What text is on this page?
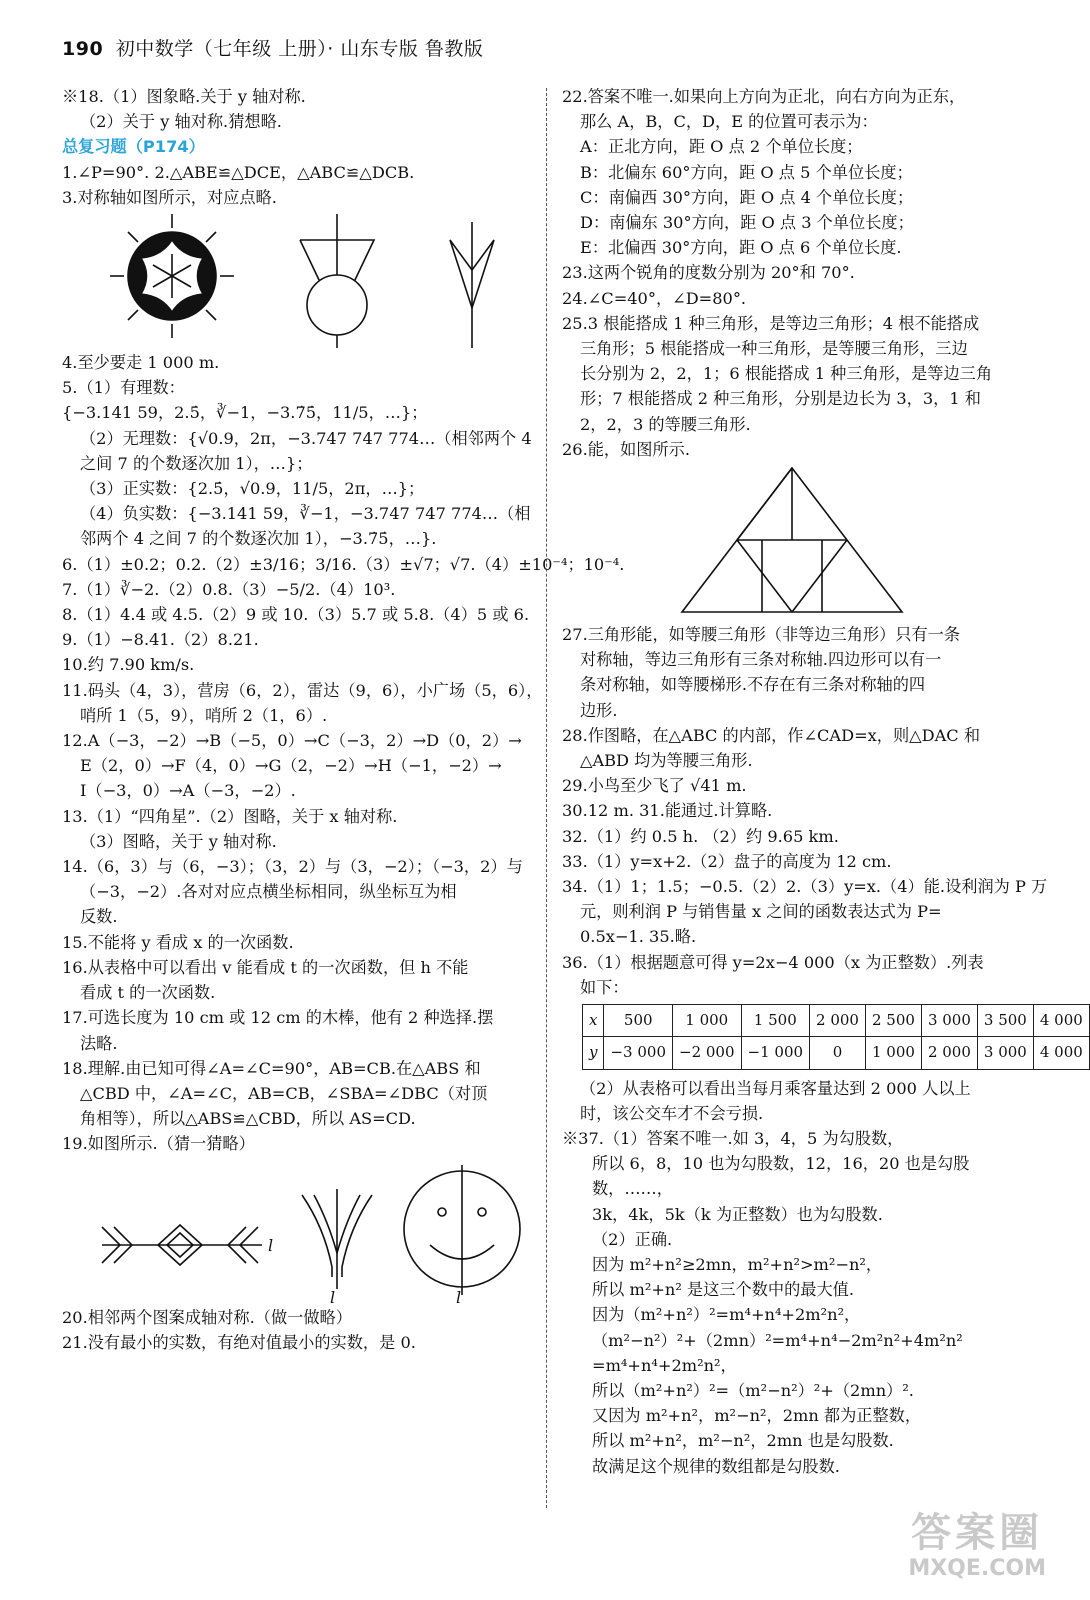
190 初中数学（七年级 上册）· 山东专版 鲁教版

※18.（1）图象略.关于 y 轴对称.

（2）关于 y 轴对称.猜想略.

总复习题（P174）

1.∠P=90°. 2.△ABE≌△DCE，△ABC≌△DCB.

3.对称轴如图所示，对应点略.

4.至少要走 1 000 m.

5.（1）有理数：

{−3.141 59，2.5̇，∛−1，−3.7̇5̇，11/5，…}；

（2）无理数：{√0.9，2π，−3.747 747 774…（相邻两个 4

之间 7 的个数逐次加 1），…}；

（3）正实数：{2.5̇，√0.9，11/5，2π，…}；

（4）负实数：{−3.141 59，∛−1，−3.747 747 774…（相

邻两个 4 之间 7 的个数逐次加 1），−3.7̇5̇，…}.

6.（1）±0.2；0.2.（2）±3/16；3/16.（3）±√7；√7.（4）±10⁻⁴；10⁻⁴.

7.（1）∛−2.（2）0.8.（3）−5/2.（4）10³.

8.（1）4.4 或 4.5.（2）9 或 10.（3）5.7 或 5.8.（4）5 或 6.

9.（1）−8.41.（2）8.21.

10.约 7.90 km/s.

11.码头（4，3），营房（6，2），雷达（9，6），小广场（5，6），

哨所 1（5，9），哨所 2（1，6）.

12.A（−3，−2）→B（−5，0）→C（−3，2）→D（0，2）→

E（2，0）→F（4，0）→G（2，−2）→H（−1，−2）→

I（−3，0）→A（−3，−2）.

13.（1）“四角星”.（2）图略，关于 x 轴对称.

（3）图略，关于 y 轴对称.

14.（6，3）与（6，−3）；（3，2）与（3，−2）；（−3，2）与

（−3，−2）.各对对应点横坐标相同，纵坐标互为相

反数.

15.不能将 y 看成 x 的一次函数.

16.从表格中可以看出 v 能看成 t 的一次函数，但 h 不能

看成 t 的一次函数.

17.可选长度为 10 cm 或 12 cm 的木棒，他有 2 种选择.摆

法略.

18.理解.由已知可得∠A=∠C=90°，AB=CB.在△ABS 和

△CBD 中，∠A=∠C，AB=CB，∠SBA=∠DBC（对顶

角相等），所以△ABS≌△CBD，所以 AS=CD.

19.如图所示.（猜一猜略）

l
l	l

20.相邻两个图案成轴对称.（做一做略）

21.没有最小的实数，有绝对值最小的实数，是 0.

22.答案不唯一.如果向上方向为正北，向右方向为正东，

那么 A，B，C，D，E 的位置可表示为：

A：正北方向，距 O 点 2 个单位长度；

B：北偏东 60°方向，距 O 点 5 个单位长度；

C：南偏西 30°方向，距 O 点 4 个单位长度；

D：南偏东 30°方向，距 O 点 3 个单位长度；

E：北偏西 30°方向，距 O 点 6 个单位长度.

23.这两个锐角的度数分别为 20°和 70°.

24.∠C=40°，∠D=80°.

25.3 根能搭成 1 种三角形，是等边三角形；4 根不能搭成

三角形；5 根能搭成一种三角形，是等腰三角形，三边

长分别为 2，2，1；6 根能搭成 1 种三角形，是等边三角

形；7 根能搭成 2 种三角形，分别是边长为 3，3，1 和

2，2，3 的等腰三角形.

26.能，如图所示.

27.三角形能，如等腰三角形（非等边三角形）只有一条

对称轴，等边三角形有三条对称轴.四边形可以有一

条对称轴，如等腰梯形.不存在有三条对称轴的四

边形.

28.作图略，在△ABC 的内部，作∠CAD=x，则△DAC 和

△ABD 均为等腰三角形.

29.小鸟至少飞了 √41 m.

30.12 m. 31.能通过.计算略.

32.（1）约 0.5 h. （2）约 9.65 km.

33.（1）y=x+2.（2）盘子的高度为 12 cm.

34.（1）1；1.5；−0.5.（2）2.（3）y=x.（4）能.设利润为 P 万

元，则利润 P 与销售量 x 之间的函数表达式为 P=

0.5x−1. 35.略.

36.（1）根据题意可得 y=2x−4 000（x 为正整数）.列表

如下：

x	500	1 000	1 500	2 000	2 500	3 000	3 500	4 000
y	−3 000	−2 000	−1 000	0	1 000	2 000	3 000	4 000

（2）从表格可以看出当每月乘客量达到 2 000 人以上

时，该公交车才不会亏损.

※37.（1）答案不唯一.如 3，4，5 为勾股数，

所以 6，8，10 也为勾股数，12，16，20 也是勾股

数，……，

3k，4k，5k（k 为正整数）也为勾股数.

（2）正确.

因为 m²+n²≥2mn，m²+n²>m²−n²，

所以 m²+n² 是这三个数中的最大值.

因为（m²+n²）²=m⁴+n⁴+2m²n²，

（m²−n²）²+（2mn）²=m⁴+n⁴−2m²n²+4m²n²

=m⁴+n⁴+2m²n²，

所以（m²+n²）²=（m²−n²）²+（2mn）².

又因为 m²+n²，m²−n²，2mn 都为正整数，

所以 m²+n²，m²−n²，2mn 也是勾股数.

故满足这个规律的数组都是勾股数.

答案圈
MXQE.COM
